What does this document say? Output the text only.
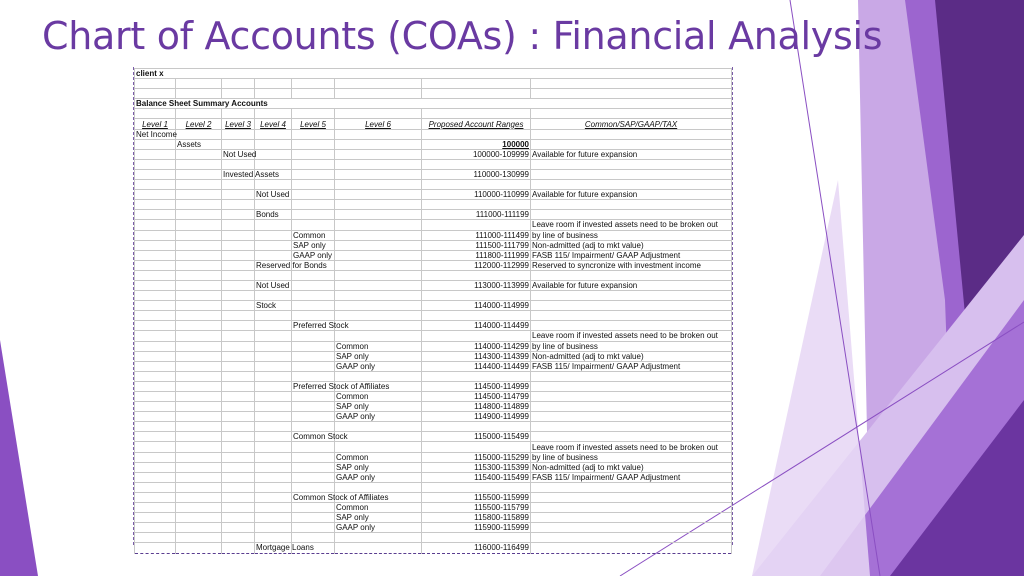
Chart of Accounts (COAs) : Financial Analysis
client x							

Balance Sheet Summary Accounts							

Level 1	Level 2	Level 3	Level 4	Level 5	Level 6	Proposed Account Ranges	Common/SAP/GAAP/TAX
Net Income							
	Assets					100000	
		Not Used				100000-109999	Available for future expansion

		Invested Assets				110000-130999	

			Not Used			110000-110999	Available for future expansion

			Bonds			111000-111199	
							Leave room if invested assets need to be broken out
				Common		111000-111499	by line of business
				SAP only		111500-111799	Non-admitted (adj to mkt value)
				GAAP only		111800-111999	FASB 115/ Impairment/ GAAP Adjustment
			Reserved for Bonds			112000-112999	Reserved to syncronize with investment income

			Not Used			113000-113999	Available for future expansion

			Stock			114000-114999	

				Preferred Stock		114000-114499	
							Leave room if invested assets need to be broken out
					Common	114000-114299	by line of business
					SAP only	114300-114399	Non-admitted (adj to mkt value)
					GAAP only	114400-114499	FASB 115/ Impairment/ GAAP Adjustment

				Preferred Stock of Affiliates		114500-114999	
					Common	114500-114799	
					SAP only	114800-114899	
					GAAP only	114900-114999	

				Common Stock		115000-115499	
							Leave room if invested assets need to be broken out
					Common	115000-115299	by line of business
					SAP only	115300-115399	Non-admitted (adj to mkt value)
					GAAP only	115400-115499	FASB 115/ Impairment/ GAAP Adjustment

				Common Stock of Affiliates		115500-115999	
					Common	115500-115799	
					SAP only	115800-115899	
					GAAP only	115900-115999	

			Mortgage Loans			116000-116499	
